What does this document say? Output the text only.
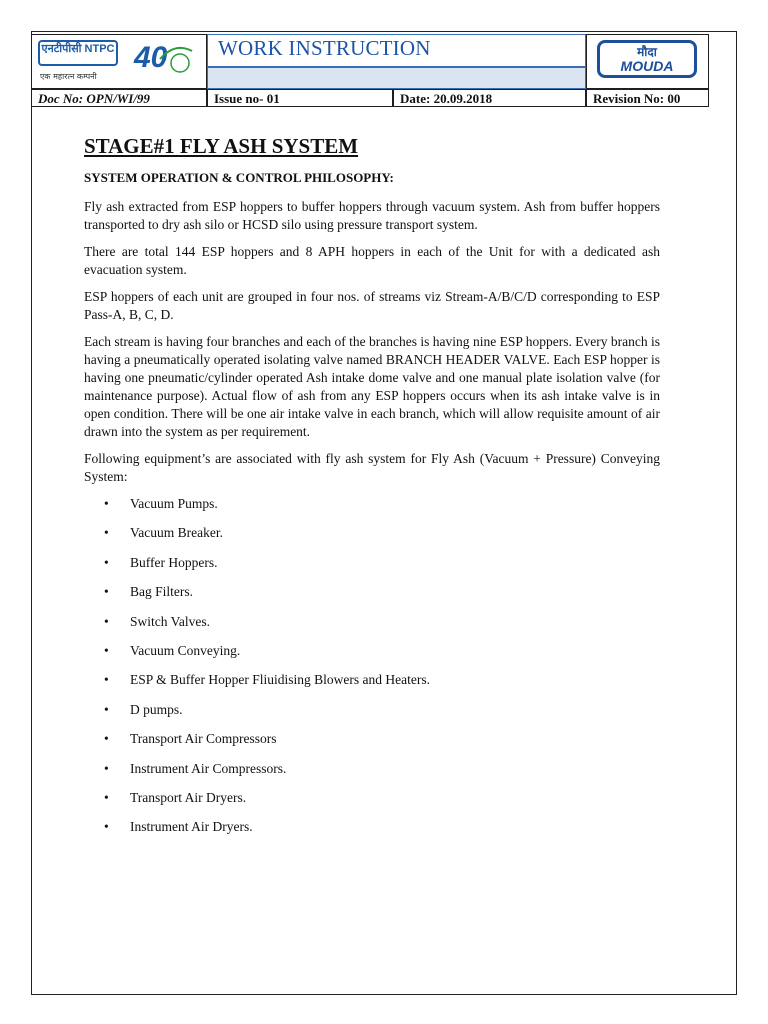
एनटीपीसी NTPC
एक महारत्न कम्पनी
40 WORK INSTRUCTION	मौदा
MOUDA
Doc No: OPN/WI/99	Issue no- 01	Date: 20.09.2018	Revision No: 00
STAGE#1 FLY ASH SYSTEM
SYSTEM OPERATION & CONTROL PHILOSOPHY:

Fly ash extracted from ESP hoppers to buffer hoppers through vacuum system. Ash from buffer hoppers transported to dry ash silo or HCSD silo using pressure transport system.

There are total 144 ESP hoppers and 8 APH hoppers in each of the Unit for with a dedicated ash evacuation system.

ESP hoppers of each unit are grouped in four nos. of streams viz Stream-A/B/C/D corresponding to ESP Pass-A, B, C, D.

Each stream is having four branches and each of the branches is having nine ESP hoppers. Every branch is having a pneumatically operated isolating valve named BRANCH HEADER VALVE. Each ESP hopper is having one pneumatic/cylinder operated Ash intake dome valve and one manual plate isolation valve (for maintenance purpose). Actual flow of ash from any ESP hoppers occurs when its ash intake valve is in open condition. There will be one air intake valve in each branch, which will allow requisite amount of air drawn into the system as per requirement.

Following equipment’s are associated with fly ash system for Fly Ash (Vacuum + Pressure) Conveying System:

• Vacuum Pumps.
• Vacuum Breaker.
• Buffer Hoppers.
• Bag Filters.
• Switch Valves.
• Vacuum Conveying.
• ESP & Buffer Hopper Fliuidising Blowers and Heaters.
• D pumps.
• Transport Air Compressors
• Instrument Air Compressors.
• Transport Air Dryers.
• Instrument Air Dryers.
